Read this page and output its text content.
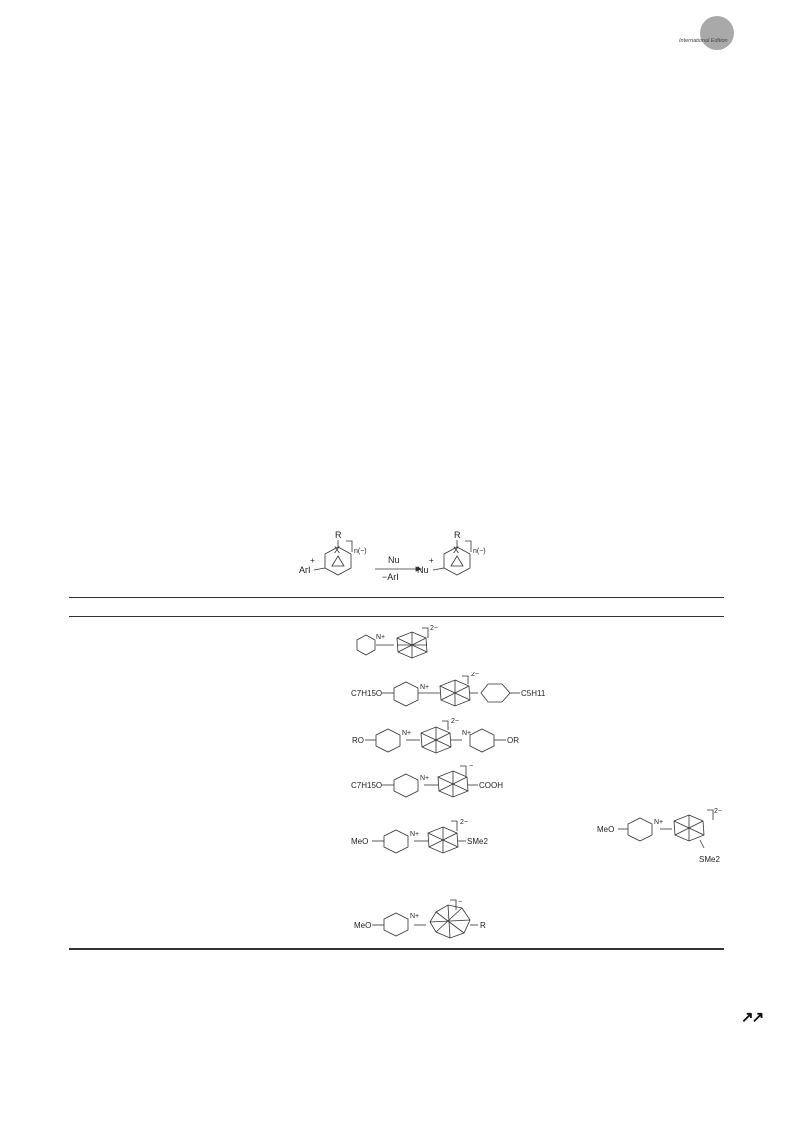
International Edition
R
X n(−)
+
ArI
Nu
−ArI
R
X n(−)
+
Nu
N+
2−
C7H15O
N+
2−
C5H11
RO
N+
2−
N+
OR
C7H15O
N+
−
COOH
MeO
N+
2−
SMe2
MeO
N+
2−
SMe2
MeO
N+
−
R
↗↗
